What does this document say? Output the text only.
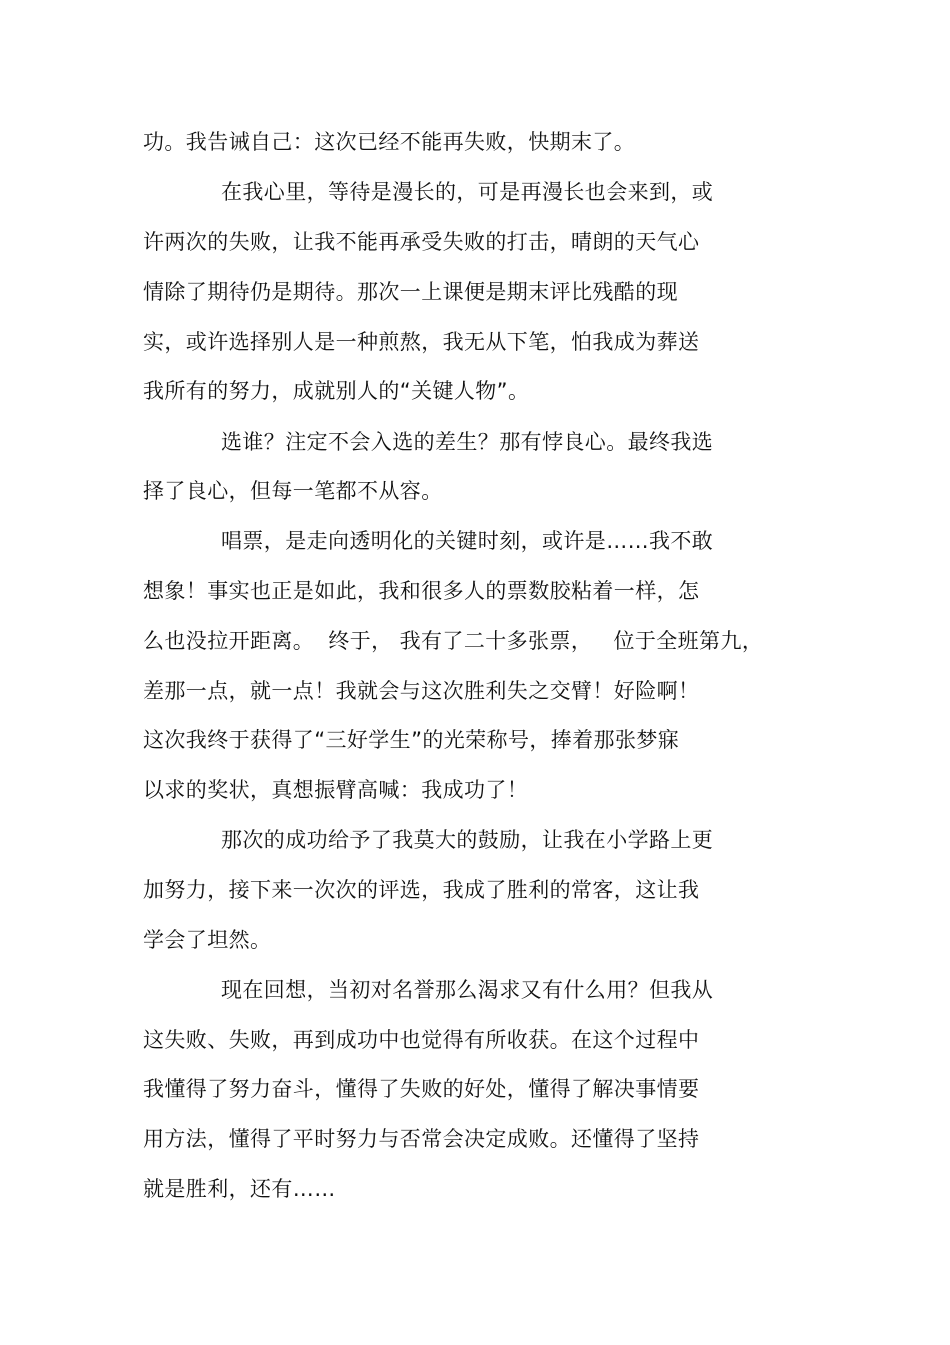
功。我告诫自己：这次已经不能再失败，快期末了。
在我心里，等待是漫长的，可是再漫长也会来到，或
许两次的失败，让我不能再承受失败的打击，晴朗的天气心
情除了期待仍是期待。那次一上课便是期末评比残酷的现
实，或许选择别人是一种煎熬，我无从下笔，怕我成为葬送
我所有的努力，成就别人的“关键人物”。
选谁？注定不会入选的差生？那有悖良心。最终我选
择了良心，但每一笔都不从容。
唱票，是走向透明化的关键时刻，或许是……我不敢
想象！事实也正是如此，我和很多人的票数胶粘着一样，怎
么也没拉开距离。  终于， 我有了二十多张票，   位于全班第九，
差那一点，就一点！我就会与这次胜利失之交臂！好险啊！
这次我终于获得了“三好学生”的光荣称号，捧着那张梦寐
以求的奖状，真想振臂高喊：我成功了！
那次的成功给予了我莫大的鼓励，让我在小学路上更
加努力，接下来一次次的评选，我成了胜利的常客，这让我
学会了坦然。
现在回想，当初对名誉那么渴求又有什么用？但我从
这失败、失败，再到成功中也觉得有所收获。在这个过程中
我懂得了努力奋斗，懂得了失败的好处，懂得了解决事情要
用方法，懂得了平时努力与否常会决定成败。还懂得了坚持
就是胜利，还有……
